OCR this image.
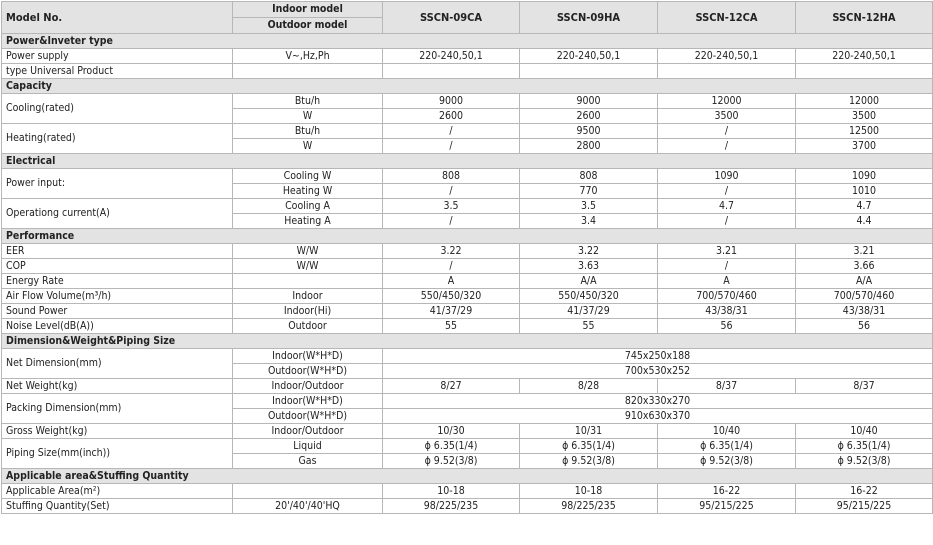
Model No.	Indoor model	SSCN-09CA	SSCN-09HA	SSCN-12CA	SSCN-12HA
	Outdoor model				
Power&Inveter type					
Power supply	V~,Hz,Ph	220-240,50,1	220-240,50,1	220-240,50,1	220-240,50,1
type Universal Product					
Capacity					
Cooling(rated)	Btu/h	9000	9000	12000	12000
	W	2600	2600	3500	3500
Heating(rated)	Btu/h	/	9500	/	12500
	W	/	2800	/	3700
Electrical					
Power input:	Cooling W	808	808	1090	1090
	Heating W	/	770	/	1010
Operationg current(A)	Cooling A	3.5	3.5	4.7	4.7
	Heating A	/	3.4	/	4.4
Performance					
EER	W/W	3.22	3.22	3.21	3.21
COP	W/W	/	3.63	/	3.66
Energy Rate		A	A/A	A	A/A
Air Flow Volume(m³/h)	Indoor	550/450/320	550/450/320	700/570/460	700/570/460
Sound Power	Indoor(Hi)	41/37/29	41/37/29	43/38/31	43/38/31
Noise Level(dB(A))	Outdoor	55	55	56	56
Dimension&Weight&Piping Size					
Net Dimension(mm)	Indoor(W*H*D)	745x250x188			
	Outdoor(W*H*D)	700x530x252			
Net Weight(kg)	Indoor/Outdoor	8/27	8/28	8/37	8/37
Packing Dimension(mm)	Indoor(W*H*D)	820x330x270			
	Outdoor(W*H*D)	910x630x370			
Gross Weight(kg)	Indoor/Outdoor	10/30	10/31	10/40	10/40
Piping Size(mm(inch))	Liquid	ɸ 6.35(1/4)	ɸ 6.35(1/4)	ɸ 6.35(1/4)	ɸ 6.35(1/4)
	Gas	ɸ 9.52(3/8)	ɸ 9.52(3/8)	ɸ 9.52(3/8)	ɸ 9.52(3/8)
Applicable area&Stuffing Quantity					
Applicable Area(m²)		10-18	10-18	16-22	16-22
Stuffing Quantity(Set)	20'/40'/40'HQ	98/225/235	98/225/235	95/215/225	95/215/225
